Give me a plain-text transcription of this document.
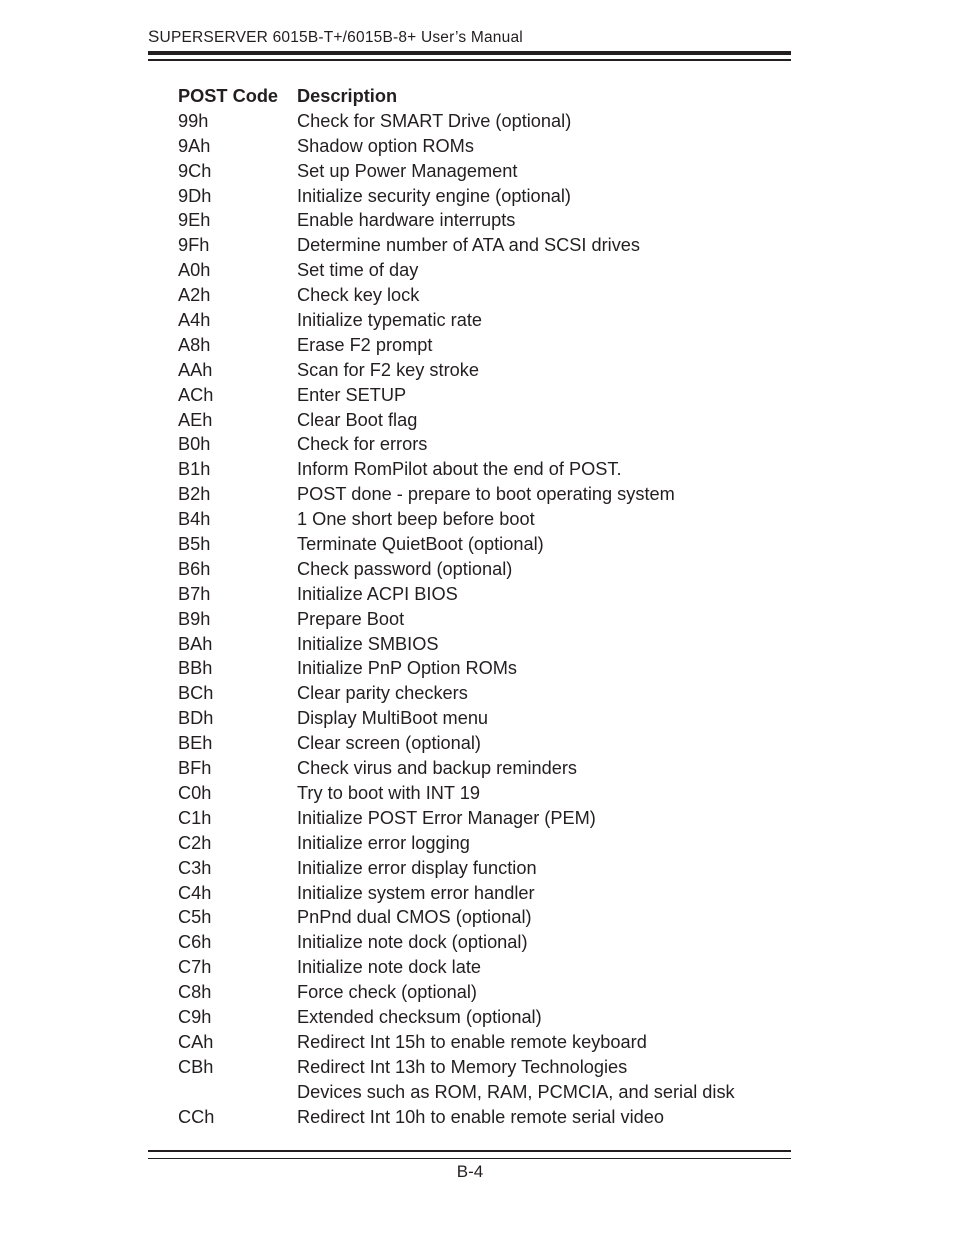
SUPERSERVER 6015B-T+/6015B-8+ User’s Manual
POST Code	Description
99h	Check for SMART Drive (optional)
9Ah	Shadow option ROMs
9Ch	Set up Power Management
9Dh	Initialize security engine (optional)
9Eh	Enable hardware interrupts
9Fh	Determine number of ATA and SCSI drives
A0h	Set time of day
A2h	Check key lock
A4h	Initialize typematic rate
A8h	Erase F2 prompt
AAh	Scan for F2 key stroke
ACh	Enter SETUP
AEh	Clear Boot flag
B0h	Check for errors
B1h	Inform RomPilot about the end of POST.
B2h	POST done - prepare to boot operating system
B4h	1 One short beep before boot
B5h	Terminate QuietBoot (optional)
B6h	Check password (optional)
B7h	Initialize ACPI BIOS
B9h	Prepare Boot
BAh	Initialize SMBIOS
BBh	Initialize PnP Option ROMs
BCh	Clear parity checkers
BDh	Display MultiBoot menu
BEh	Clear screen (optional)
BFh	Check virus and backup reminders
C0h	Try to boot with INT 19
C1h	Initialize POST Error Manager (PEM)
C2h	Initialize error logging
C3h	Initialize error display function
C4h	Initialize system error handler
C5h	PnPnd dual CMOS (optional)
C6h	Initialize note dock (optional)
C7h	Initialize note dock late
C8h	Force check (optional)
C9h	Extended checksum (optional)
CAh	Redirect Int 15h to enable remote keyboard
CBh	Redirect Int 13h to Memory Technologies
Devices such as ROM, RAM, PCMCIA, and serial disk
CCh	Redirect Int 10h to enable remote serial video
B-4
